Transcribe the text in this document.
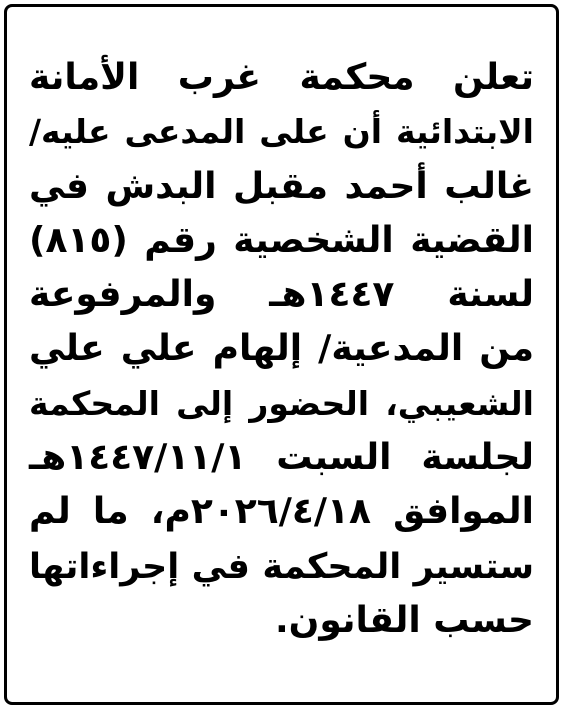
تعلن محكمة غرب الأمانة
الابتدائية أن على المدعى عليه/
غالب أحمد مقبل البدش في
القضية الشخصية رقم (٨١٥)
لسنة ١٤٤٧هـ والمرفوعة
من المدعية/ إلهام علي علي
الشعيبي، الحضور إلى المحكمة
لجلسة السبت ١٤٤٧/١١/١هـ
الموافق ٢٠٢٦/٤/١٨م، ما لم
ستسير المحكمة في إجراءاتها
حسب القانون.
